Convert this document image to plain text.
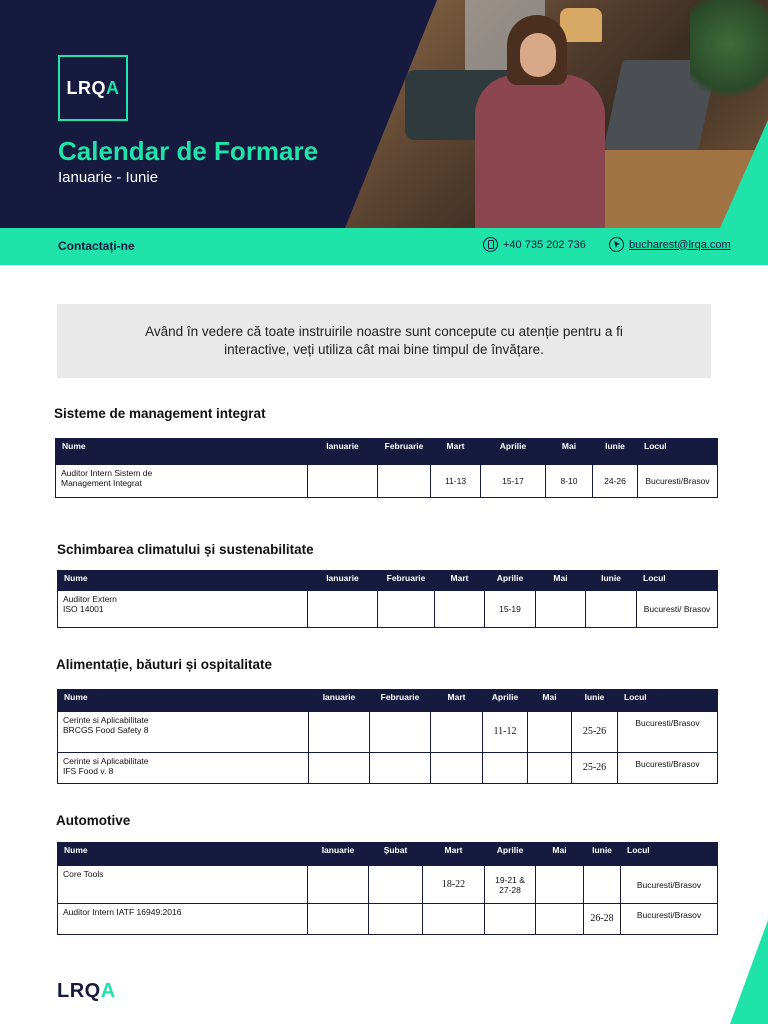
LRQA
Calendar de Formare
Ianuarie - Iunie
Contactați-ne	+40 735 202 736	bucharest@lrqa.com
Având în vedere că toate instruirile noastre sunt concepute cu atenție pentru a fi interactive, veți utiliza cât mai bine timpul de învățare.
Sisteme de management integrat
Nume	Ianuarie	Februarie	Mart	Aprilie	Mai	Iunie	Locul
Auditor Intern Sistem de
Management Integrat			11-13	15-17	8-10	24-26	Bucuresti/Brasov
Schimbarea climatului și sustenabilitate
Nume	Ianuarie	Februarie	Mart	Aprilie	Mai	Iunie	Locul
Auditor Extern
ISO 14001				15-19			Bucuresti/ Brasov
Alimentație, băuturi și ospitalitate
Nume	Ianuarie	Februarie	Mart	Aprilie	Mai	Iunie	Locul
Cerinte si Aplicabilitate
BRCGS Food Safety 8				11-12		25-26	Bucuresti/Brasov
Cerinte si Aplicabilitate
IFS Food v. 8						25-26	Bucuresti/Brasov
Automotive
Nume	Ianuarie	Șubat	Mart	Aprilie	Mai	Iunie	Locul
Core Tools			18-22	19-21 & 27-28			Bucuresti/Brasov
Auditor Intern IATF 16949:2016						26-28	Bucuresti/Brasov
LRQA
